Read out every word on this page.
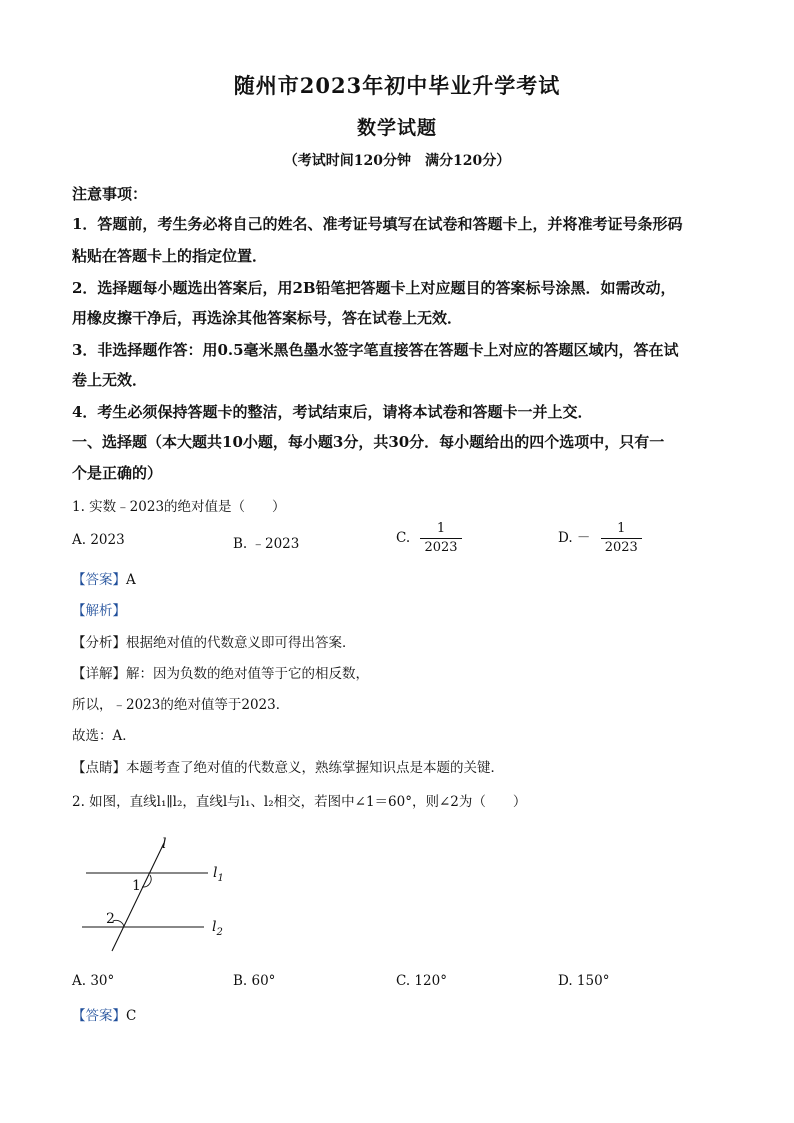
随州市2023年初中毕业升学考试
数学试题
（考试时间120分钟　满分120分）
注意事项：
1．答题前，考生务必将自己的姓名、准考证号填写在试卷和答题卡上，并将准考证号条形码
粘贴在答题卡上的指定位置．
2．选择题每小题选出答案后，用2B铅笔把答题卡上对应题目的答案标号涂黑．如需改动，
用橡皮擦干净后，再选涂其他答案标号，答在试卷上无效．
3．非选择题作答：用0.5毫米黑色墨水签字笔直接答在答题卡上对应的答题区域内，答在试
卷上无效．
4．考生必须保持答题卡的整洁，考试结束后，请将本试卷和答题卡一并上交．
一、选择题（本大题共10小题，每小题3分，共30分．每小题给出的四个选项中，只有一
个是正确的）
1. 实数﹣2023的绝对值是（　　）
A. 2023	B. ﹣2023	C. $\frac{1}{2023}$	D. － $\frac{1}{2023}$
【答案】A
【解析】
【分析】根据绝对值的代数意义即可得出答案．
【详解】解：因为负数的绝对值等于它的相反数，
所以，﹣2023的绝对值等于2023．
故选：A．
【点睛】本题考查了绝对值的代数意义，熟练掌握知识点是本题的关键．
2. 如图，直线l₁∥l₂，直线l与l₁、l₂相交，若图中∠1＝60°，则∠2为（　　）
l
$l_1$
$l_2$
1
2
A. 30°	B. 60°	C. 120°	D. 150°
【答案】C
